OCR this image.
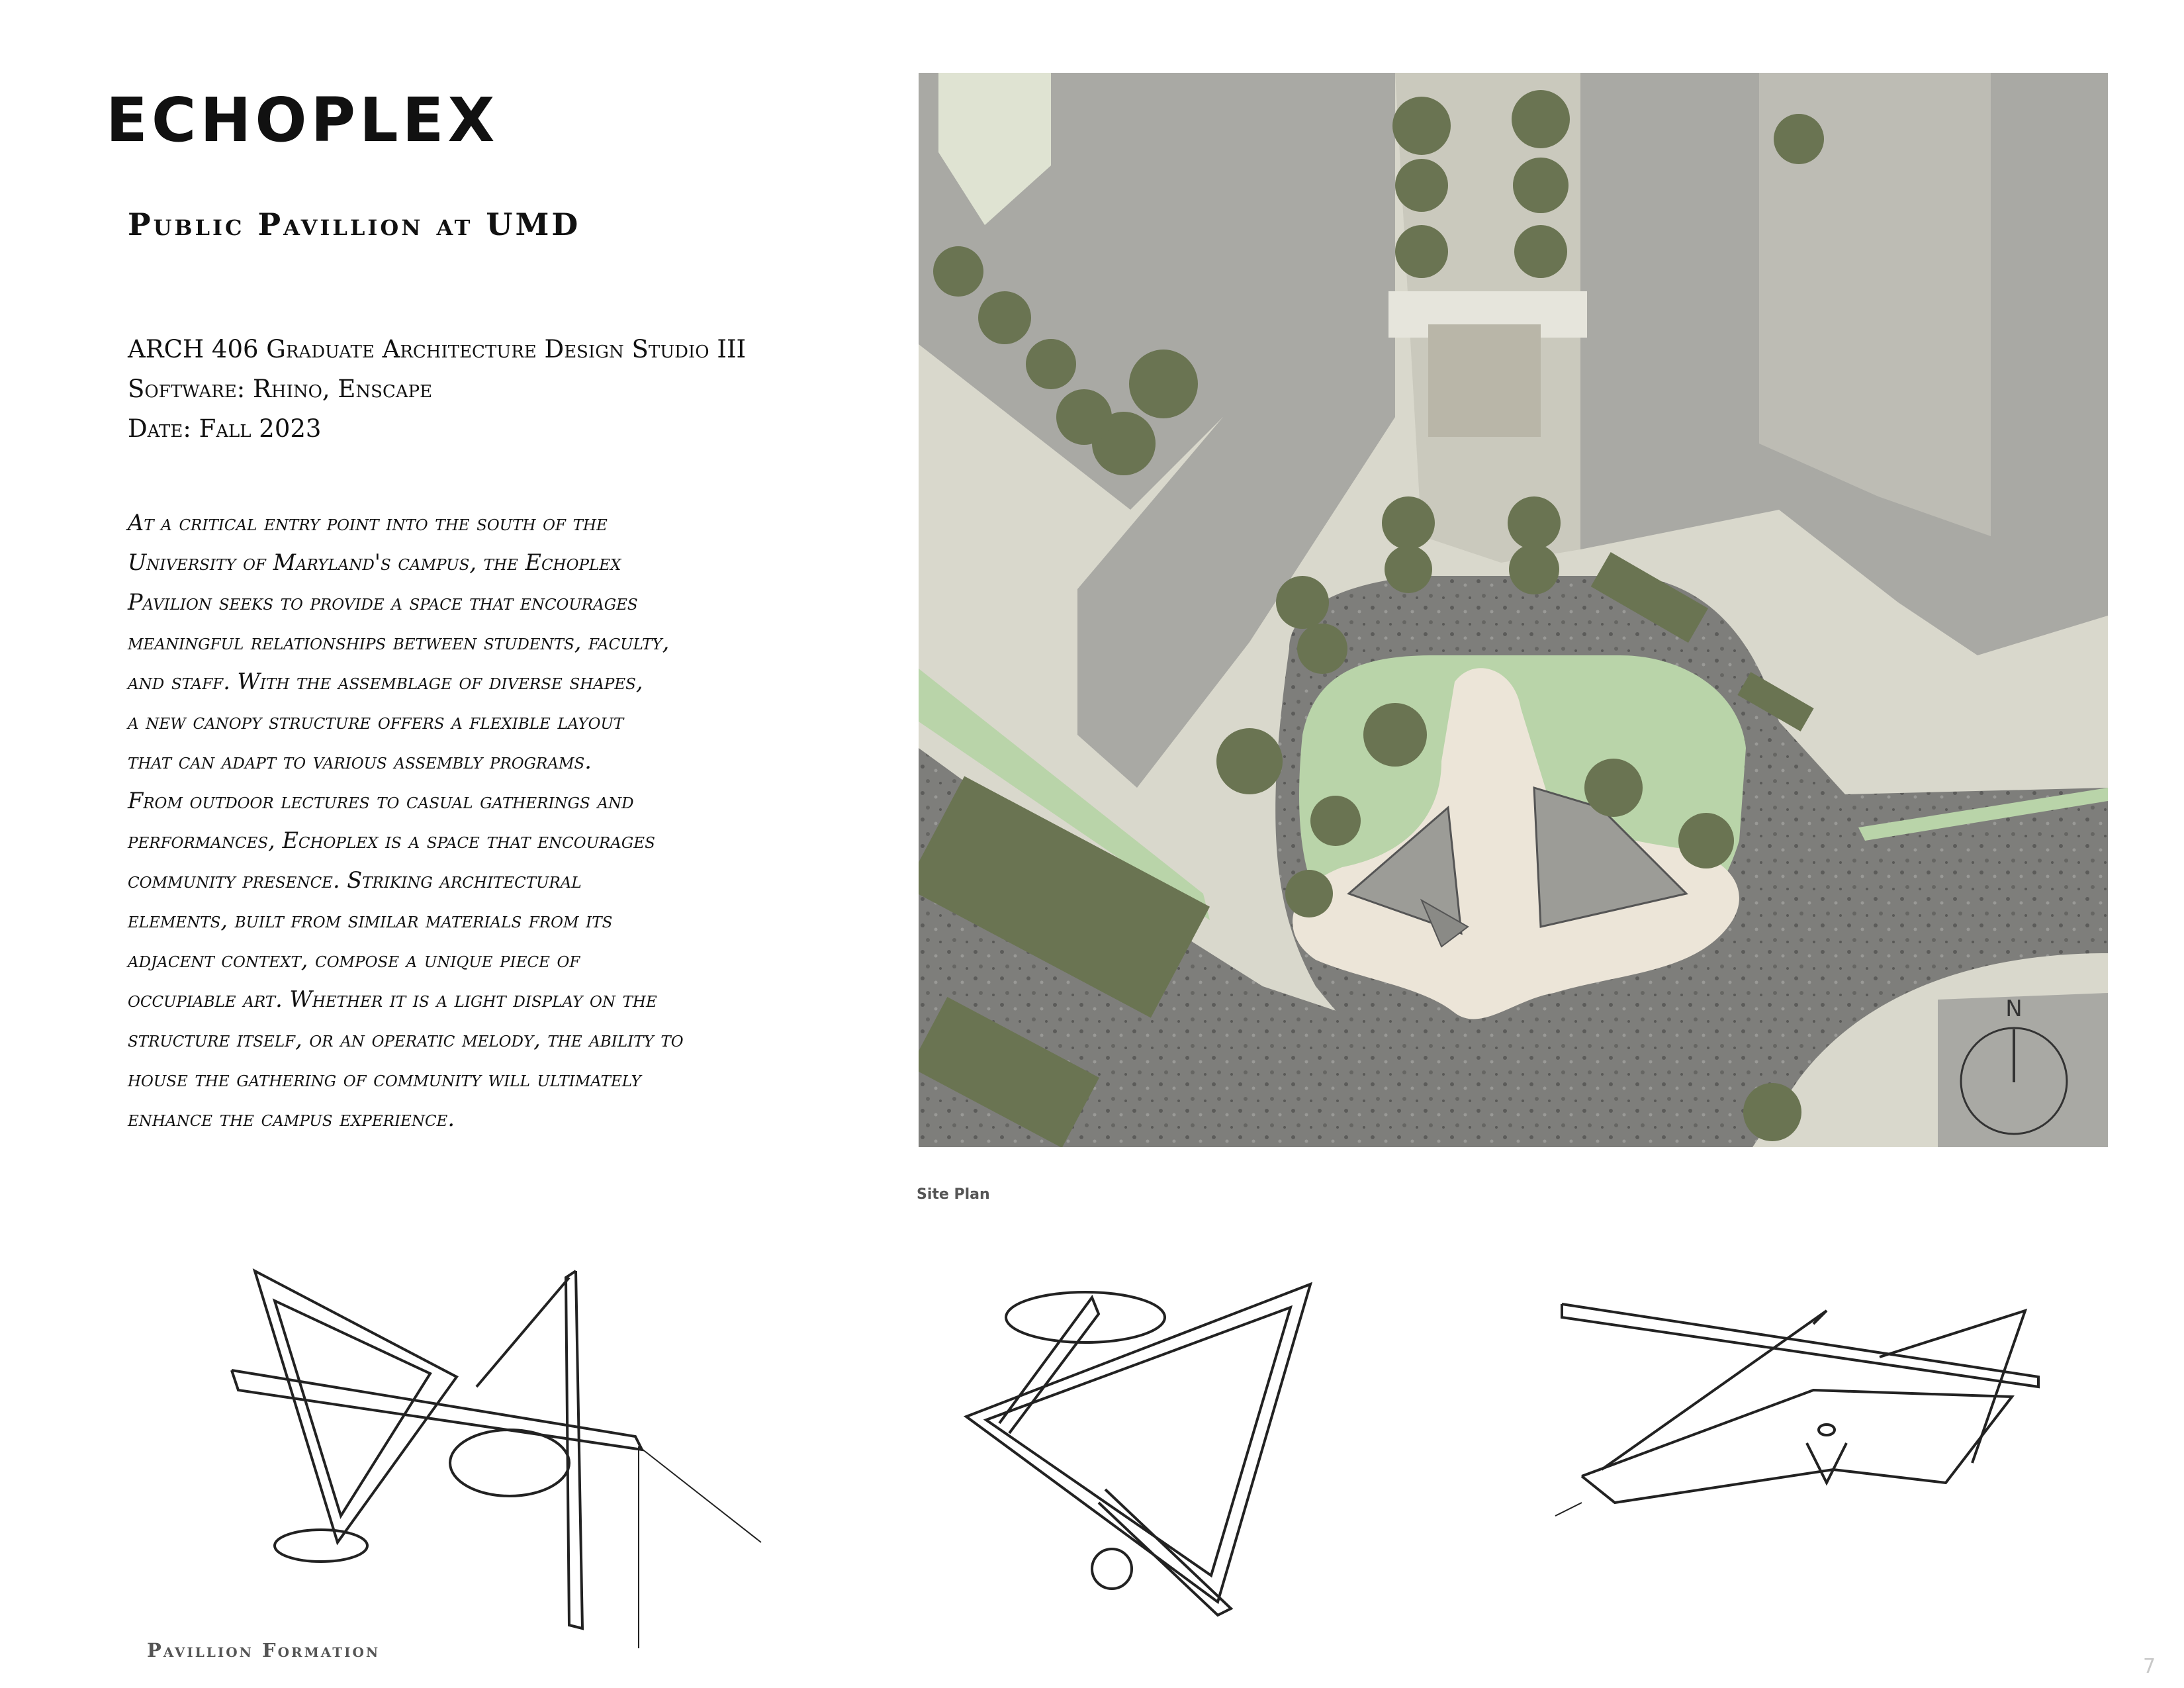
ECHOPLEX
Public Pavillion at UMD
ARCH 406 Graduate Architecture Design Studio III
Software: Rhino, Enscape
Date: Fall 2023
At a critical entry point into the south of the
University of Maryland's campus, the Echoplex
Pavilion seeks to provide a space that encourages
meaningful relationships between students, faculty,
and staff. With the assemblage of diverse shapes,
a new canopy structure offers a flexible layout
that can adapt to various assembly programs.
From outdoor lectures to casual gatherings and
performances, Echoplex is a space that encourages
community presence. Striking architectural
elements, built from similar materials from its
adjacent context, compose a unique piece of
occupiable art. Whether it is a light display on the
structure itself, or an operatic melody, the ability to
house the gathering of community will ultimately
enhance the campus experience.
N
Site Plan
Pavillion Formation
7
